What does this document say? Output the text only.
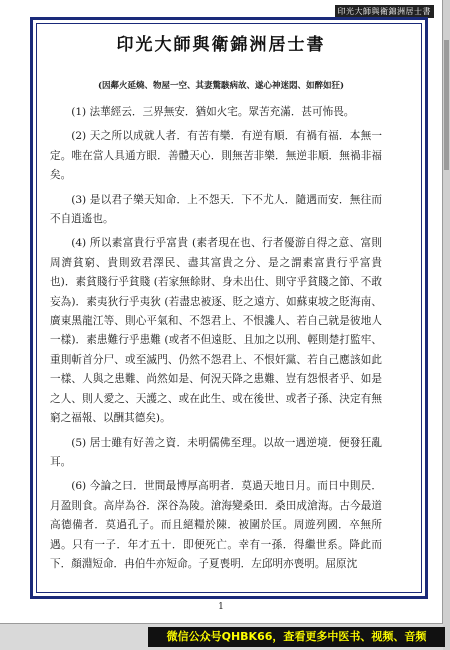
印光大師與衛錦洲居士書
印光大師與衛錦洲居士書
(因鄰火延燒、物屋一空、其妻驚駭病故、遂心神迷悶、如醉如狂)

(1) 法華經云．三界無安．猶如火宅。眾苦充滿．甚可怖畏。

(2) 天之所以成就人者．有苦有樂．有逆有順．有禍有福．本無一定。唯在當人具通方眼．善體天心．則無苦非樂．無逆非順．無禍非福矣。

(3) 是以君子樂天知命．上不怨天．下不尤人．隨遇而安．無往而不自逍遙也。

(4) 所以素富貴行乎富貴 (素者現在也、行者優游自得之意、富則周濟貧窮、貴則致君澤民、盡其富貴之分、是之謂素富貴行乎富貴也)．素貧賤行乎貧賤 (若家無餘財、身未出仕、則守乎貧賤之節、不敢妄為)．素夷狄行乎夷狄 (若盡忠被逐、貶之遠方、如蘇東坡之貶海南、廣東黑龍江等、則心平氣和、不怨君上、不恨讒人、若自己就是彼地人一樣)．素患難行乎患難 (或者不但遠貶、且加之以刑、輕則楚打監牢、重則斬首分尸、或至滅門、仍然不怨君上、不恨奸黨、若自己應該如此一樣、人與之患難、尚然如是、何況天降之患難、豈有怨恨者乎、如是之人、則人愛之、天護之、或在此生、或在後世、或者子孫、決定有無窮之福報、以酬其德矣)。

(5) 居士雖有好善之資．未明儒佛至理。以故一遇逆境．便發狂亂耳。

(6) 今論之曰．世間最博厚高明者．莫過天地日月。而日中則昃．月盈則食。高岸為谷．深谷為陵。滄海變桑田．桑田成滄海。古今最道高德備者．莫過孔子。而且絕糧於陳．被圍於匡。周遊列國．卒無所遇。只有一子．年才五十．即便死亡。幸有一孫．得繼世系。降此而下．顏淵短命．冉伯牛亦短命。子夏喪明．左邱明亦喪明。屈原沈

1
微信公众号QHBK66，查看更多中医书、视频、音频
